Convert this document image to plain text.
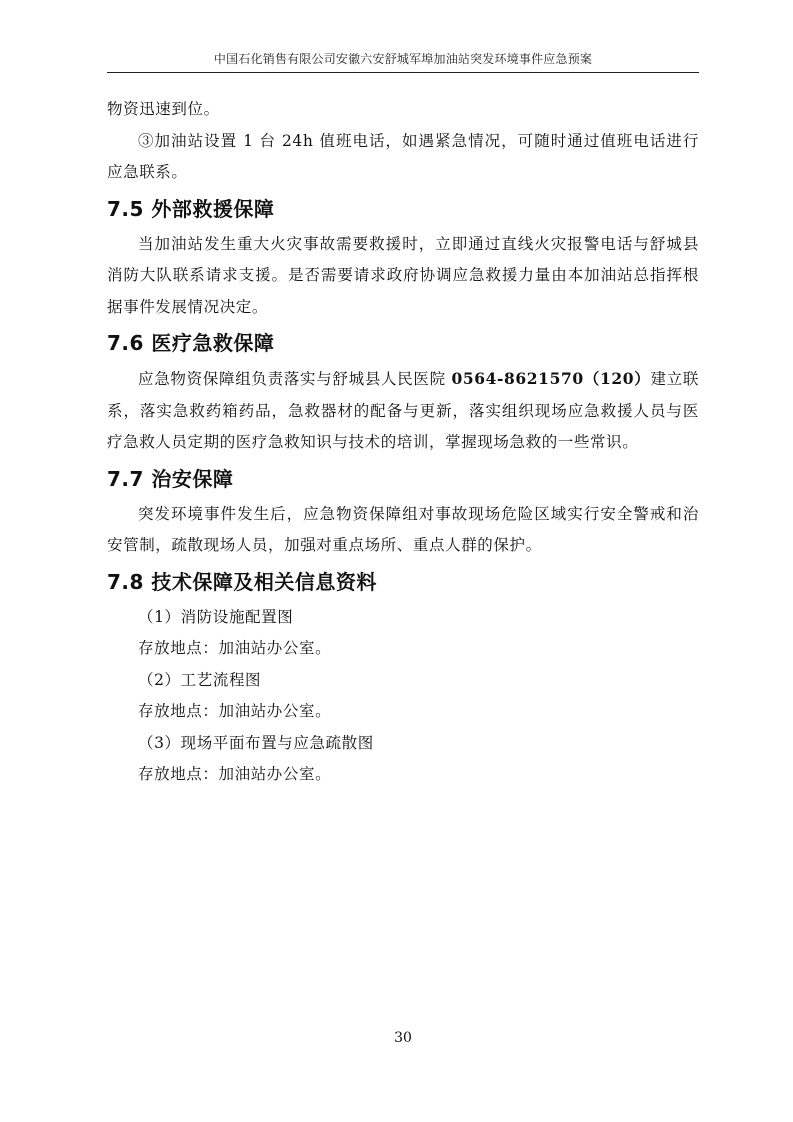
中国石化销售有限公司安徽六安舒城军埠加油站突发环境事件应急预案

物资迅速到位。

③加油站设置 1 台 24h 值班电话，如遇紧急情况，可随时通过值班电话进行应急联系。

7.5 外部救援保障

当加油站发生重大火灾事故需要救援时，立即通过直线火灾报警电话与舒城县消防大队联系请求支援。是否需要请求政府协调应急救援力量由本加油站总指挥根据事件发展情况决定。

7.6 医疗急救保障

应急物资保障组负责落实与舒城县人民医院 0564-8621570（120）建立联系，落实急救药箱药品，急救器材的配备与更新，落实组织现场应急救援人员与医疗急救人员定期的医疗急救知识与技术的培训，掌握现场急救的一些常识。

7.7 治安保障

突发环境事件发生后，应急物资保障组对事故现场危险区域实行安全警戒和治安管制，疏散现场人员，加强对重点场所、重点人群的保护。

7.8 技术保障及相关信息资料

（1）消防设施配置图

存放地点：加油站办公室。

（2）工艺流程图

存放地点：加油站办公室。

（3）现场平面布置与应急疏散图

存放地点：加油站办公室。

30
